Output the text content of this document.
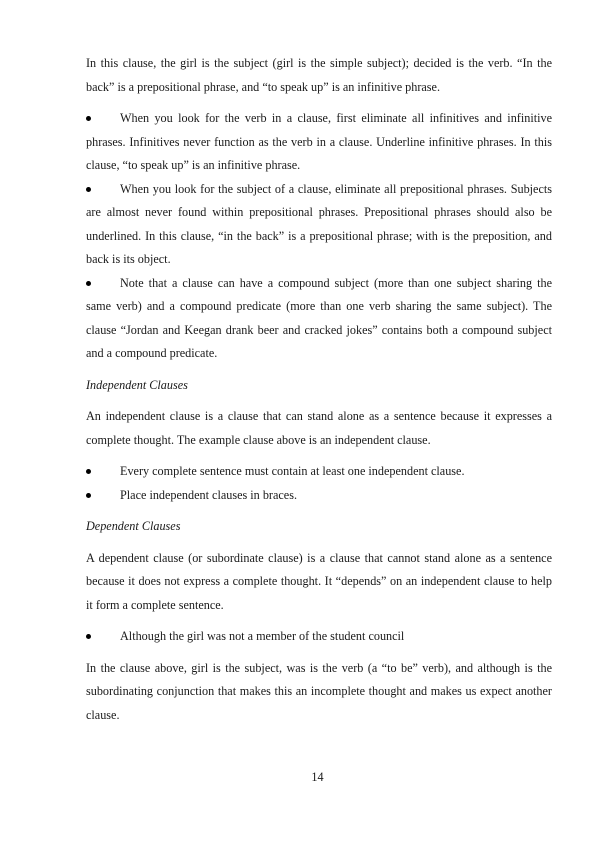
In this clause, the girl is the subject (girl is the simple subject); decided is the verb. “In the back” is a prepositional phrase, and “to speak up” is an infinitive phrase.

When you look for the verb in a clause, first eliminate all infinitives and infinitive phrases. Infinitives never function as the verb in a clause. Underline infinitive phrases. In this clause, “to speak up” is an infinitive phrase.

When you look for the subject of a clause, eliminate all prepositional phrases. Subjects are almost never found within prepositional phrases. Prepositional phrases should also be underlined. In this clause, “in the back” is a prepositional phrase; with is the preposition, and back is its object.

Note that a clause can have a compound subject (more than one subject sharing the same verb) and a compound predicate (more than one verb sharing the same subject). The clause “Jordan and Keegan drank beer and cracked jokes” contains both a compound subject and a compound predicate.

Independent Clauses

An independent clause is a clause that can stand alone as a sentence because it expresses a complete thought. The example clause above is an independent clause.

Every complete sentence must contain at least one independent clause.

Place independent clauses in braces.

Dependent Clauses

A dependent clause (or subordinate clause) is a clause that cannot stand alone as a sentence because it does not express a complete thought. It “depends” on an independent clause to help it form a complete sentence.

Although the girl was not a member of the student council

In the clause above, girl is the subject, was is the verb (a “to be” verb), and although is the subordinating conjunction that makes this an incomplete thought and makes us expect another clause.

14
